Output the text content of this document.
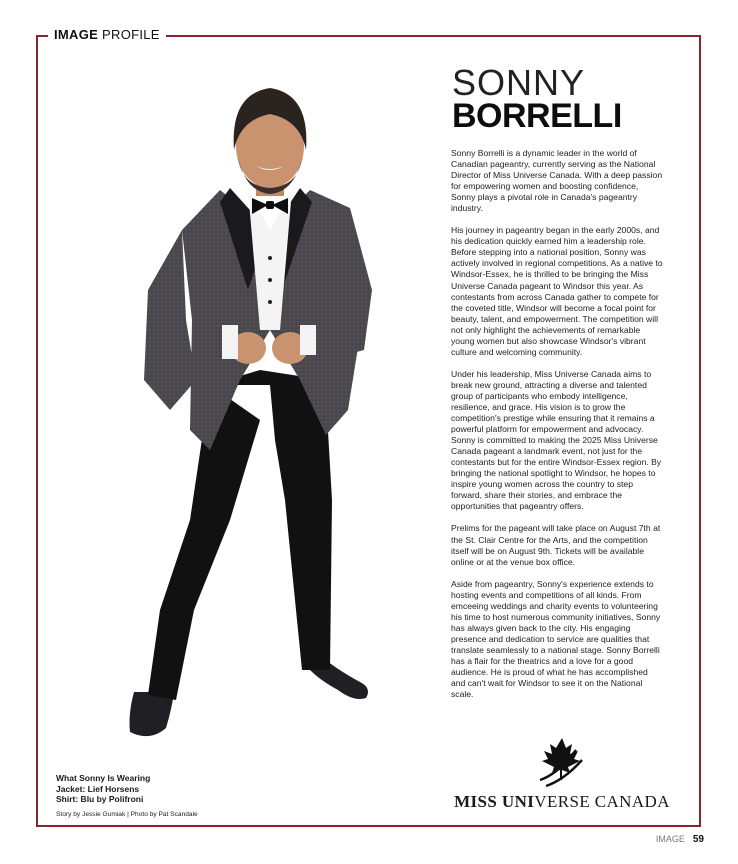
IMAGE PROFILE
SONNY
BORRELLI

Sonny Borrelli is a dynamic leader in the world of Canadian pageantry, currently serving as the National Director of Miss Universe Canada. With a deep passion for empowering women and boosting confidence, Sonny plays a pivotal role in Canada's pageantry industry.

His journey in pageantry began in the early 2000s, and his dedication quickly earned him a leadership role. Before stepping into a national position, Sonny was actively involved in regional competitions. As a native to Windsor-Essex, he is thrilled to be bringing the Miss Universe Canada pageant to Windsor this year. As contestants from across Canada gather to compete for the coveted title, Windsor will become a focal point for beauty, talent, and empowerment. The competition will not only highlight the achievements of remarkable young women but also showcase Windsor's vibrant culture and welcoming community.

Under his leadership, Miss Universe Canada aims to break new ground, attracting a diverse and talented group of participants who embody intelligence, resilience, and grace. His vision is to grow the competition's prestige while ensuring that it remains a powerful platform for empowerment and advocacy. Sonny is committed to making the 2025 Miss Universe Canada pageant a landmark event, not just for the contestants but for the entire Windsor-Essex region. By bringing the national spotlight to Windsor, he hopes to inspire young women across the country to step forward, share their stories, and embrace the opportunities that pageantry offers.

Prelims for the pageant will take place on August 7th at the St. Clair Centre for the Arts, and the competition itself will be on August 9th. Tickets will be available online or at the venue box office.

Aside from pageantry, Sonny's experience extends to hosting events and competitions of all kinds. From emceeing weddings and charity events to volunteering his time to host numerous community initiatives, Sonny has always given back to the city. His engaging presence and dedication to service are qualities that translate seamlessly to a national stage. Sonny Borrelli has a flair for the theatrics and a love for a good audience. He is proud of what he has accomplished and can't wait for Windsor to see it on the National scale.

What Sonny Is Wearing
Jacket: Lief Horsens
Shirt: Blu by Polifroni
Story by Jessie Gumiak | Photo by Pat Scandale
MISS UNIVERSE CANADA
IMAGE 59
